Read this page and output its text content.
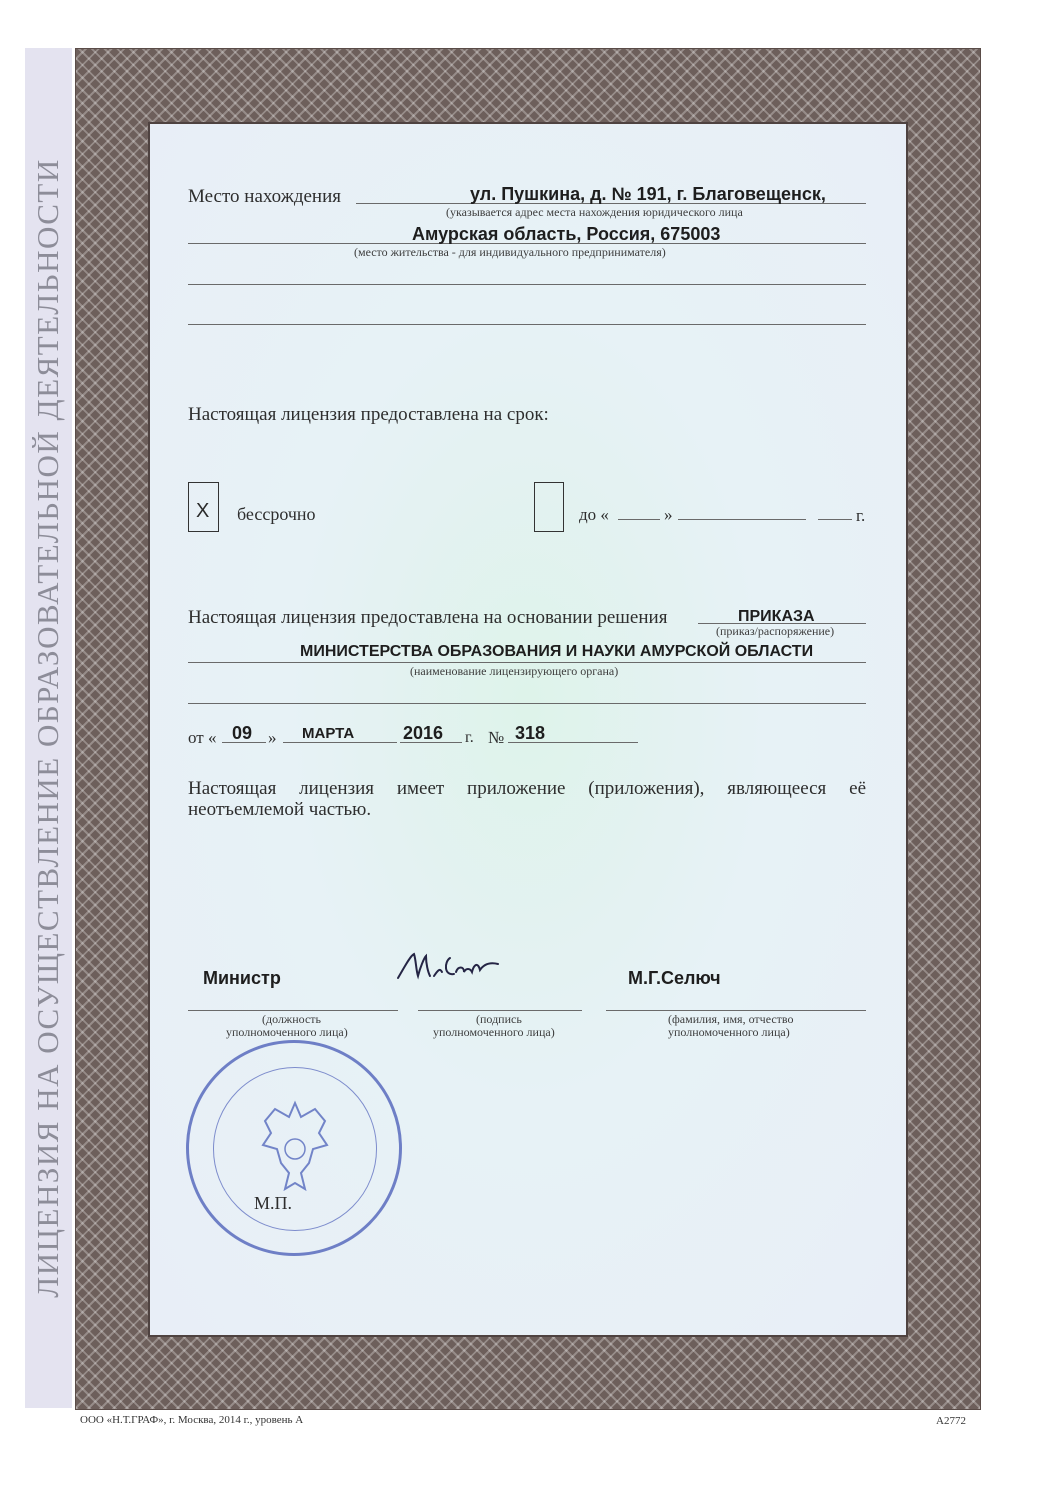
ЛИЦЕНЗИЯ НА ОСУЩЕСТВЛЕНИЕ ОБРАЗОВАТЕЛЬНОЙ ДЕЯТЕЛЬНОСТИ	Место нахождения	ул. Пушкина, д. № 191, г. Благовещенск,
(указывается адрес места нахождения юридического лица
Амурская область, Россия, 675003
(место жительства - для индивидуального предпринимателя)
Настоящая лицензия предоставлена на срок:
X бессрочно	до «	»	г.
Настоящая лицензия предоставлена на основании решения	ПРИКАЗА
(приказ/распоряжение)
МИНИСТЕРСТВА ОБРАЗОВАНИЯ И НАУКИ АМУРСКОЙ ОБЛАСТИ
(наименование лицензирующего органа)
от « 09 » МАРТА	2016 г. № 318
Настоящая лицензия имеет приложение (приложения), являющееся её неотъемлемой частью.
Министр
(должность
уполномоченного лица)
(подпись
уполномоченного лица)
М.Г.Селюч
(фамилия, имя, отчество
уполномоченного лица)
М.П.
ООО «Н.Т.ГРАФ», г. Москва, 2014 г., уровень А	А2772
